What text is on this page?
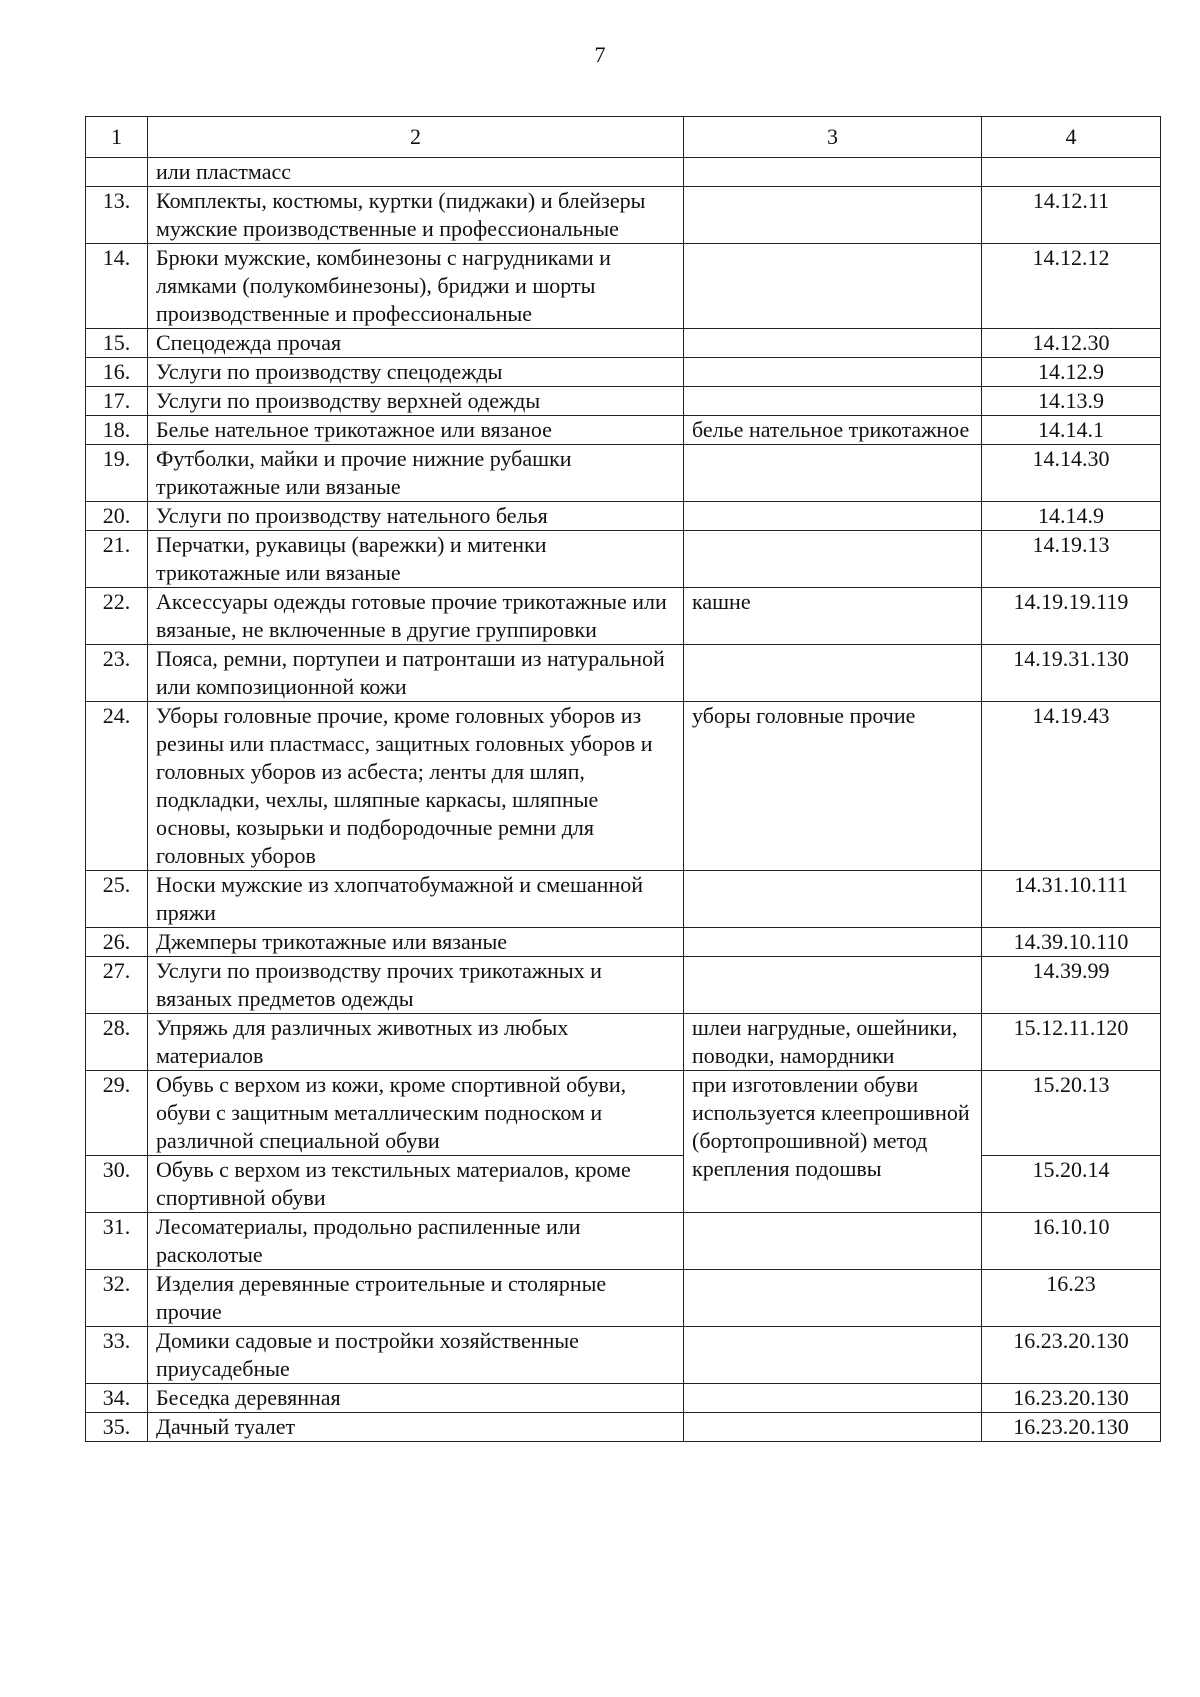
7
1	2	3	4
	или пластмасс		
13.	Комплекты, костюмы, куртки (пиджаки) и блейзеры мужские производственные и профессиональные		14.12.11
14.	Брюки мужские, комбинезоны с нагрудниками и лямками (полукомбинезоны), бриджи и шорты производственные и профессиональные		14.12.12
15.	Спецодежда прочая		14.12.30
16.	Услуги по производству спецодежды		14.12.9
17.	Услуги по производству верхней одежды		14.13.9
18.	Белье нательное трикотажное или вязаное	белье нательное трикотажное	14.14.1
19.	Футболки, майки и прочие нижние рубашки трикотажные или вязаные		14.14.30
20.	Услуги по производству нательного белья		14.14.9
21.	Перчатки, рукавицы (варежки) и митенки трикотажные или вязаные		14.19.13
22.	Аксессуары одежды готовые прочие трикотажные или вязаные, не включенные в другие группировки	кашне	14.19.19.119
23.	Пояса, ремни, портупеи и патронташи из натуральной или композиционной кожи		14.19.31.130
24.	Уборы головные прочие, кроме головных уборов из резины или пластмасс, защитных головных уборов и головных уборов из асбеста; ленты для шляп, подкладки, чехлы, шляпные каркасы, шляпные основы, козырьки и подбородочные ремни для головных уборов	уборы головные прочие	14.19.43
25.	Носки мужские из хлопчатобумажной и смешанной пряжи		14.31.10.111
26.	Джемперы трикотажные или вязаные		14.39.10.110
27.	Услуги по производству прочих трикотажных и вязаных предметов одежды		14.39.99
28.	Упряжь для различных животных из любых материалов	шлеи нагрудные, ошейники, поводки, намордники	15.12.11.120
29.	Обувь с верхом из кожи, кроме спортивной обуви, обуви с защитным металлическим подноском и различной специальной обуви	при изготовлении обуви используется клеепрошивной (бортопрошивной) метод крепления подошвы	15.20.13
30.	Обувь с верхом из текстильных материалов, кроме спортивной обуви		15.20.14
31.	Лесоматериалы, продольно распиленные или расколотые		16.10.10
32.	Изделия деревянные строительные и столярные прочие		16.23
33.	Домики садовые и постройки хозяйственные приусадебные		16.23.20.130
34.	Беседка деревянная		16.23.20.130
35.	Дачный туалет		16.23.20.130
